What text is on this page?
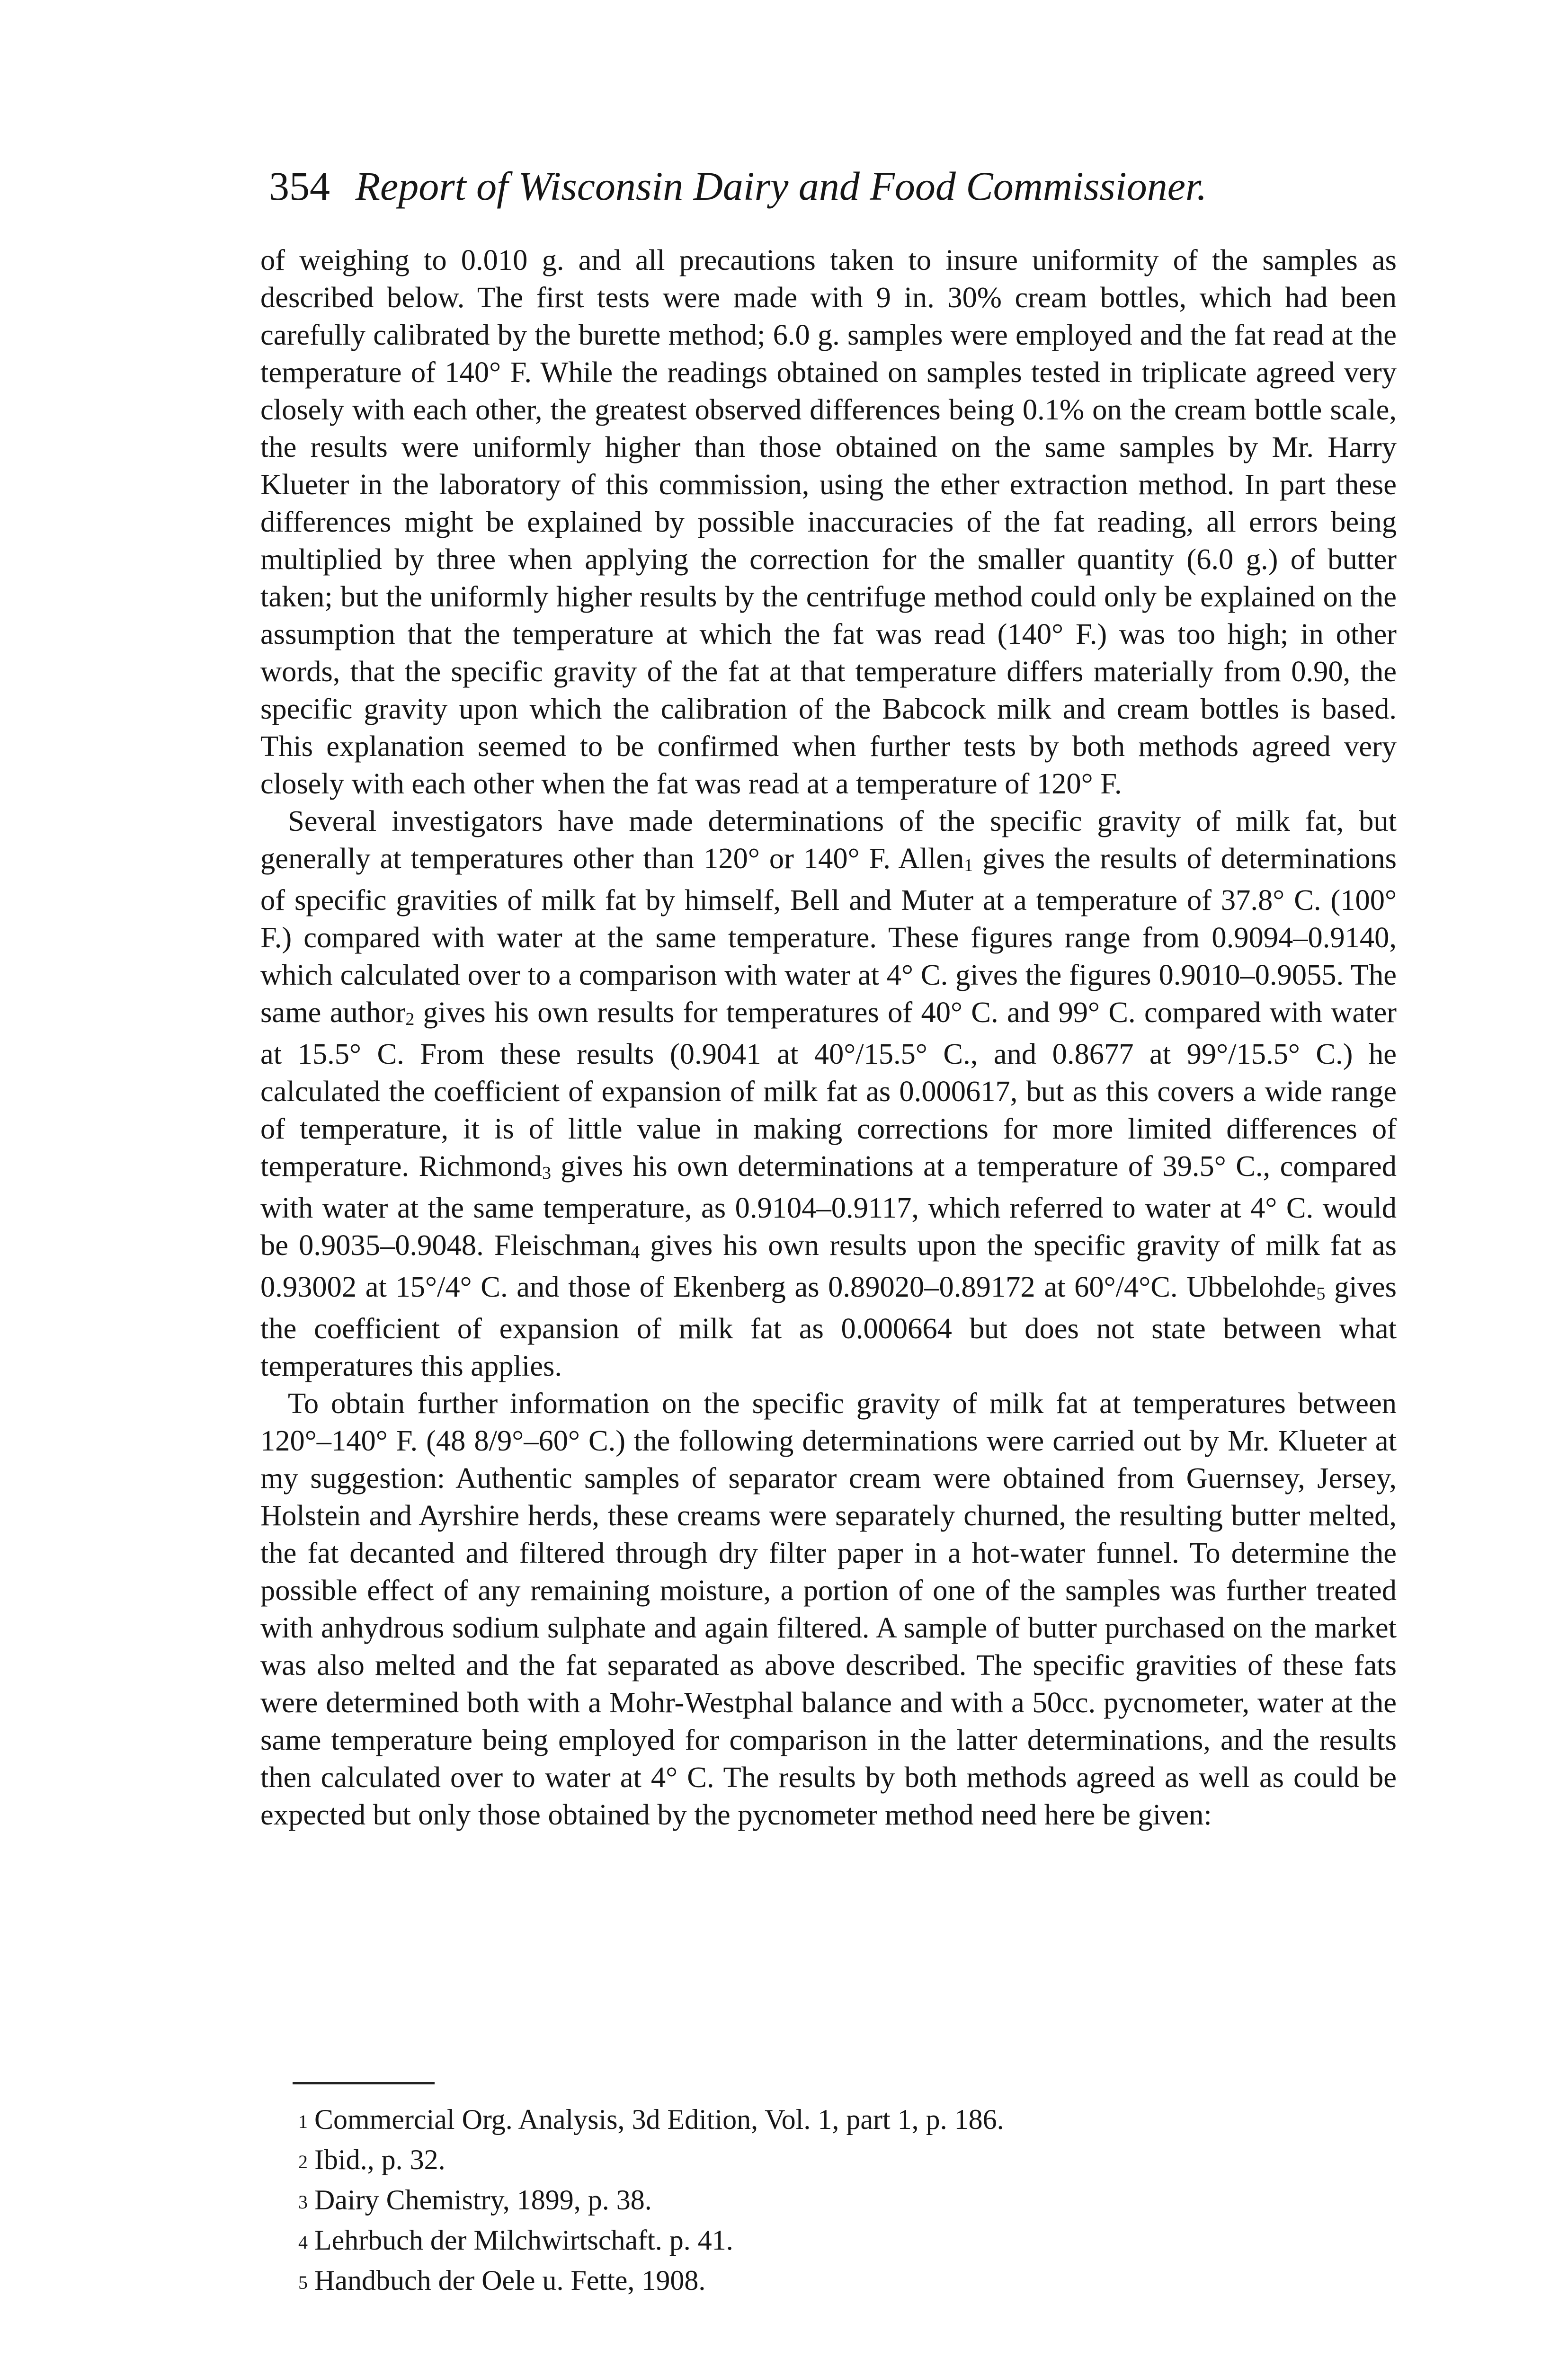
354 Report of Wisconsin Dairy and Food Commissioner.

of weighing to 0.010 g. and all precautions taken to insure uniformity of the samples as described below. The first tests were made with 9 in. 30% cream bottles, which had been carefully calibrated by the burette method; 6.0 g. samples were employed and the fat read at the temperature of 140° F. While the readings obtained on samples tested in triplicate agreed very closely with each other, the greatest observed differences being 0.1% on the cream bottle scale, the results were uniformly higher than those obtained on the same samples by Mr. Harry Klueter in the laboratory of this commission, using the ether extraction method. In part these differences might be explained by possible inaccuracies of the fat reading, all errors being multiplied by three when applying the correction for the smaller quantity (6.0 g.) of butter taken; but the uniformly higher results by the centrifuge method could only be explained on the assumption that the temperature at which the fat was read (140° F.) was too high; in other words, that the specific gravity of the fat at that temperature differs materially from 0.90, the specific gravity upon which the calibration of the Babcock milk and cream bottles is based. This explanation seemed to be confirmed when further tests by both methods agreed very closely with each other when the fat was read at a temperature of 120° F.

Several investigators have made determinations of the specific gravity of milk fat, but generally at temperatures other than 120° or 140° F. Allen$^1$ gives the results of determinations of specific gravities of milk fat by himself, Bell and Muter at a temperature of 37.8° C. (100° F.) compared with water at the same temperature. These figures range from 0.9094–0.9140, which calculated over to a comparison with water at 4° C. gives the figures 0.9010–0.9055. The same author$^2$ gives his own results for temperatures of 40° C. and 99° C. compared with water at 15.5° C. From these results (0.9041 at 40°/15.5° C., and 0.8677 at 99°/15.5° C.) he calculated the coefficient of expansion of milk fat as 0.000617, but as this covers a wide range of temperature, it is of little value in making corrections for more limited differences of temperature. Richmond$^3$ gives his own determinations at a temperature of 39.5° C., compared with water at the same temperature, as 0.9104–0.9117, which referred to water at 4° C. would be 0.9035–0.9048. Fleischman$^4$ gives his own results upon the specific gravity of milk fat as 0.93002 at 15°/4° C. and those of Ekenberg as 0.89020–0.89172 at 60°/4°C. Ubbelohde$^5$ gives the coefficient of expansion of milk fat as 0.000664 but does not state between what temperatures this applies.

To obtain further information on the specific gravity of milk fat at temperatures between 120°–140° F. (48 8/9°–60° C.) the following determinations were carried out by Mr. Klueter at my suggestion: Authentic samples of separator cream were obtained from Guernsey, Jersey, Holstein and Ayrshire herds, these creams were separately churned, the resulting butter melted, the fat decanted and filtered through dry filter paper in a hot-water funnel. To determine the possible effect of any remaining moisture, a portion of one of the samples was further treated with anhydrous sodium sulphate and again filtered. A sample of butter purchased on the market was also melted and the fat separated as above described. The specific gravities of these fats were determined both with a Mohr-Westphal balance and with a 50cc. pycnometer, water at the same temperature being employed for comparison in the latter determinations, and the results then calculated over to water at 4° C. The results by both methods agreed as well as could be expected but only those obtained by the pycnometer method need here be given:

$^1$ Commercial Org. Analysis, 3d Edition, Vol. 1, part 1, p. 186.
$^2$ Ibid., p. 32.
$^3$ Dairy Chemistry, 1899, p. 38.
$^4$ Lehrbuch der Milchwirtschaft. p. 41.
$^5$ Handbuch der Oele u. Fette, 1908.
